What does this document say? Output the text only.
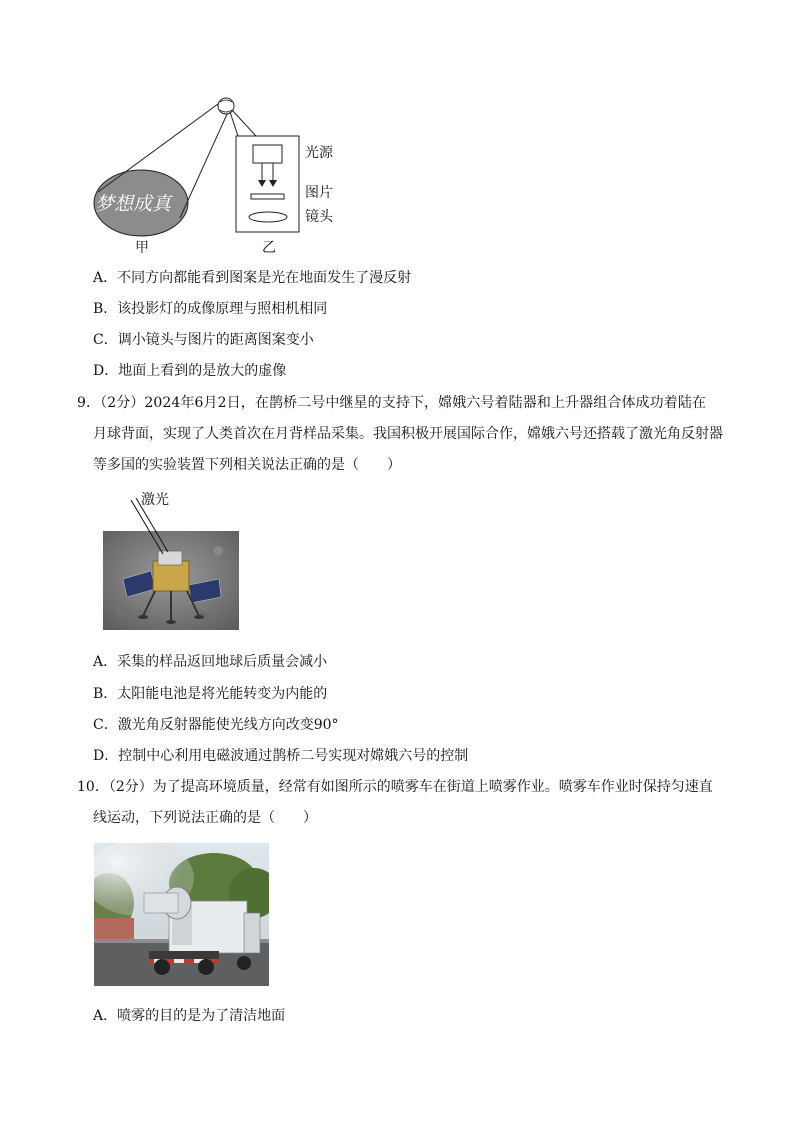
梦想成真
甲	乙
光源
图片
镜头
A．不同方向都能看到图案是光在地面发生了漫反射
B．该投影灯的成像原理与照相机相同
C．调小镜头与图片的距离图案变小
D．地面上看到的是放大的虚像
9．（2分）2024年6月2日，在鹊桥二号中继星的支持下，嫦娥六号着陆器和上升器组合体成功着陆在
月球背面，实现了人类首次在月背样品采集。我国积极开展国际合作，嫦娥六号还搭载了激光角反射器
等多国的实验装置下列相关说法正确的是（　　）
激光
A．采集的样品返回地球后质量会减小
B．太阳能电池是将光能转变为内能的
C．激光角反射器能使光线方向改变90°
D．控制中心利用电磁波通过鹊桥二号实现对嫦娥六号的控制
10．（2分）为了提高环境质量，经常有如图所示的喷雾车在街道上喷雾作业。喷雾车作业时保持匀速直
线运动，下列说法正确的是（　　）
A．喷雾的目的是为了清洁地面
